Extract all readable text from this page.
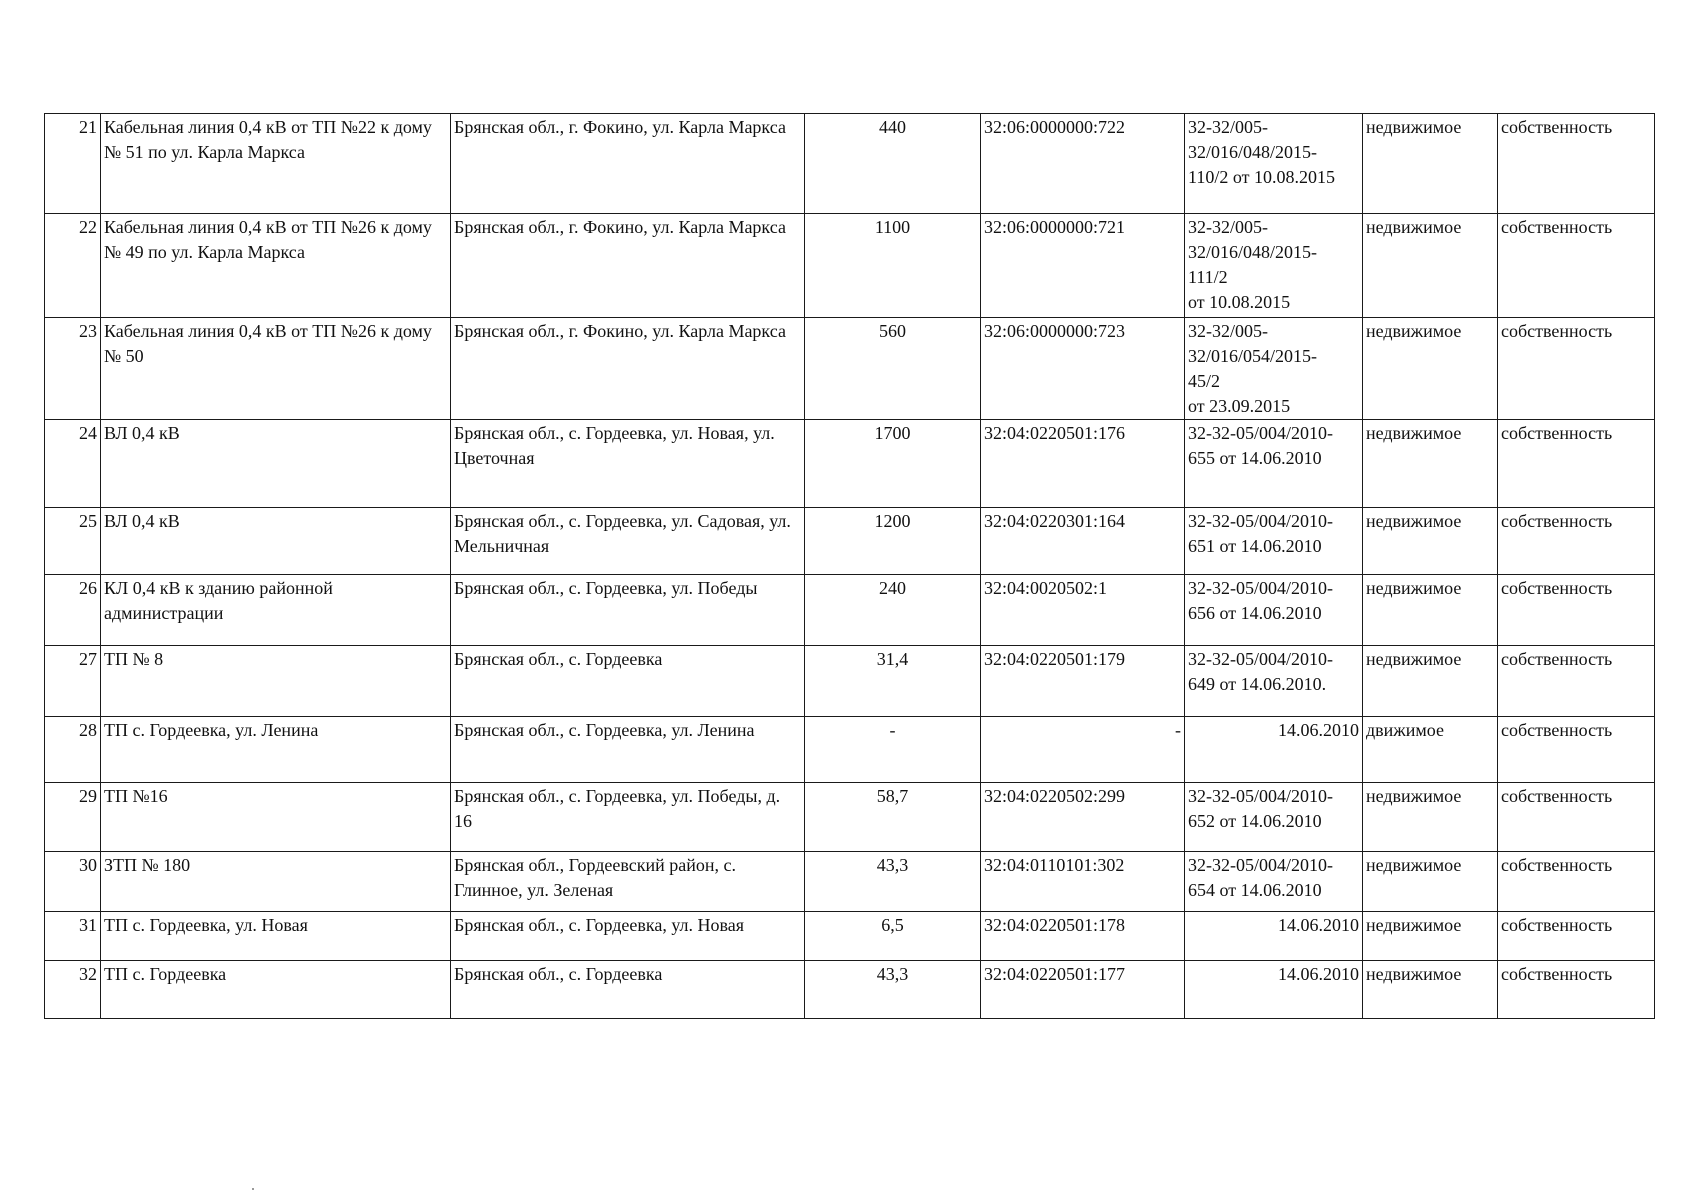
21	Кабельная линия 0,4 кВ от ТП №22 к дому № 51 по ул. Карла Маркса	Брянская обл., г. Фокино, ул. Карла Маркса	440	32:06:0000000:722	32-32/005-
32/016/048/2015-
110/2 от 10.08.2015	недвижимое	собственность
22	Кабельная линия 0,4 кВ от ТП №26 к дому № 49 по ул. Карла Маркса	Брянская обл., г. Фокино, ул. Карла Маркса	1100	32:06:0000000:721	32-32/005-
32/016/048/2015-
111/2
от 10.08.2015	недвижимое	собственность
23	Кабельная линия 0,4 кВ от ТП №26 к дому № 50	Брянская обл., г. Фокино, ул. Карла Маркса	560	32:06:0000000:723	32-32/005-
32/016/054/2015-
45/2
от 23.09.2015	недвижимое	собственность
24	ВЛ 0,4 кВ	Брянская обл., с. Гордеевка, ул. Новая, ул. Цветочная	1700	32:04:0220501:176	32-32-05/004/2010-
655 от 14.06.2010	недвижимое	собственность
25	ВЛ 0,4 кВ	Брянская обл., с. Гордеевка, ул. Садовая, ул. Мельничная	1200	32:04:0220301:164	32-32-05/004/2010-
651 от 14.06.2010	недвижимое	собственность
26	КЛ 0,4 кВ к зданию районной администрации	Брянская обл., с. Гордеевка, ул. Победы	240	32:04:0020502:1	32-32-05/004/2010-
656 от 14.06.2010	недвижимое	собственность
27	ТП № 8	Брянская обл., с. Гордеевка	31,4	32:04:0220501:179	32-32-05/004/2010-
649 от 14.06.2010.	недвижимое	собственность
28	ТП с. Гордеевка, ул. Ленина	Брянская обл., с. Гордеевка, ул. Ленина	-	-	14.06.2010	движимое	собственность
29	ТП №16	Брянская обл., с. Гордеевка, ул. Победы, д. 16	58,7	32:04:0220502:299	32-32-05/004/2010-
652 от 14.06.2010	недвижимое	собственность
30	ЗТП № 180	Брянская обл., Гордеевский район, с. Глинное, ул. Зеленая	43,3	32:04:0110101:302	32-32-05/004/2010-
654 от 14.06.2010	недвижимое	собственность
31	ТП с. Гордеевка, ул. Новая	Брянская обл., с. Гордеевка, ул. Новая	6,5	32:04:0220501:178	14.06.2010	недвижимое	собственность
32	ТП с. Гордеевка	Брянская обл., с. Гордеевка	43,3	32:04:0220501:177	14.06.2010	недвижимое	собственность
